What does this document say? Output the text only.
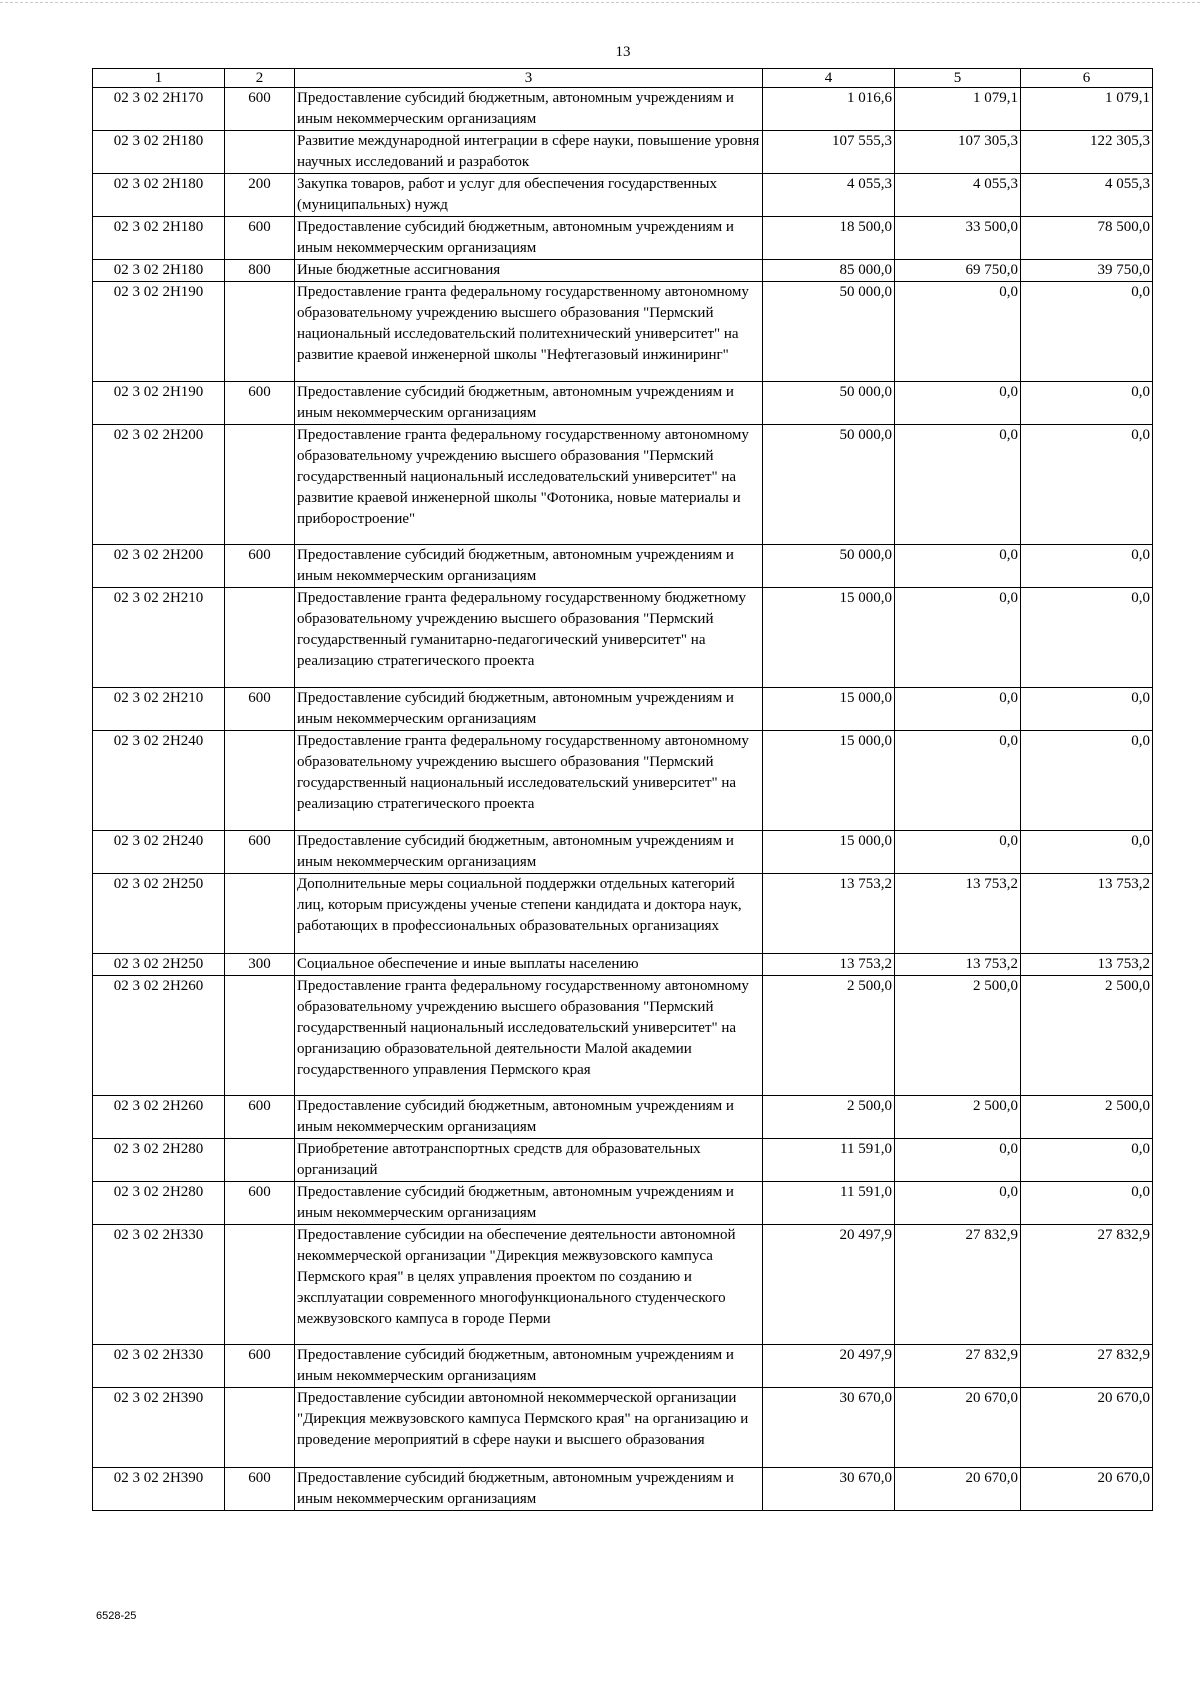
13
1	2	3	4	5	6
02 3 02 2Н170	600	Предоставление субсидий бюджетным, автономным учреждениям и иным некоммерческим организациям	1 016,6	1 079,1	1 079,1
02 3 02 2Н180		Развитие международной интеграции в сфере науки, повышение уровня научных исследований и разработок	107 555,3	107 305,3	122 305,3
02 3 02 2Н180	200	Закупка товаров, работ и услуг для обеспечения государственных (муниципальных) нужд	4 055,3	4 055,3	4 055,3
02 3 02 2Н180	600	Предоставление субсидий бюджетным, автономным учреждениям и иным некоммерческим организациям	18 500,0	33 500,0	78 500,0
02 3 02 2Н180	800	Иные бюджетные ассигнования	85 000,0	69 750,0	39 750,0
02 3 02 2Н190		Предоставление гранта федеральному государственному автономному образовательному учреждению высшего образования "Пермский национальный исследовательский политехнический университет" на развитие краевой инженерной школы "Нефтегазовый инжиниринг"	50 000,0	0,0	0,0
02 3 02 2Н190	600	Предоставление субсидий бюджетным, автономным учреждениям и иным некоммерческим организациям	50 000,0	0,0	0,0
02 3 02 2Н200		Предоставление гранта федеральному государственному автономному образовательному учреждению высшего образования "Пермский государственный национальный исследовательский университет" на развитие краевой инженерной школы "Фотоника, новые материалы и приборостроение"	50 000,0	0,0	0,0
02 3 02 2Н200	600	Предоставление субсидий бюджетным, автономным учреждениям и иным некоммерческим организациям	50 000,0	0,0	0,0
02 3 02 2Н210		Предоставление гранта федеральному государственному бюджетному образовательному учреждению высшего образования "Пермский государственный гуманитарно-педагогический университет" на реализацию стратегического проекта	15 000,0	0,0	0,0
02 3 02 2Н210	600	Предоставление субсидий бюджетным, автономным учреждениям и иным некоммерческим организациям	15 000,0	0,0	0,0
02 3 02 2Н240		Предоставление гранта федеральному государственному автономному образовательному учреждению высшего образования "Пермский государственный национальный исследовательский университет" на реализацию стратегического проекта	15 000,0	0,0	0,0
02 3 02 2Н240	600	Предоставление субсидий бюджетным, автономным учреждениям и иным некоммерческим организациям	15 000,0	0,0	0,0
02 3 02 2Н250		Дополнительные меры социальной поддержки отдельных категорий лиц, которым присуждены ученые степени кандидата и доктора наук, работающих в профессиональных образовательных организациях	13 753,2	13 753,2	13 753,2
02 3 02 2Н250	300	Социальное обеспечение и иные выплаты населению	13 753,2	13 753,2	13 753,2
02 3 02 2Н260		Предоставление гранта федеральному государственному автономному образовательному учреждению высшего образования "Пермский государственный национальный исследовательский университет" на организацию образовательной деятельности Малой академии государственного управления Пермского края	2 500,0	2 500,0	2 500,0
02 3 02 2Н260	600	Предоставление субсидий бюджетным, автономным учреждениям и иным некоммерческим организациям	2 500,0	2 500,0	2 500,0
02 3 02 2Н280		Приобретение автотранспортных средств для образовательных организаций	11 591,0	0,0	0,0
02 3 02 2Н280	600	Предоставление субсидий бюджетным, автономным учреждениям и иным некоммерческим организациям	11 591,0	0,0	0,0
02 3 02 2Н330		Предоставление субсидии на обеспечение деятельности автономной некоммерческой организации "Дирекция межвузовского кампуса Пермского края" в целях управления проектом по созданию и эксплуатации современного многофункционального студенческого межвузовского кампуса в городе Перми	20 497,9	27 832,9	27 832,9
02 3 02 2Н330	600	Предоставление субсидий бюджетным, автономным учреждениям и иным некоммерческим организациям	20 497,9	27 832,9	27 832,9
02 3 02 2Н390		Предоставление субсидии автономной некоммерческой организации "Дирекция межвузовского кампуса Пермского края" на организацию и проведение мероприятий в сфере науки и высшего образования	30 670,0	20 670,0	20 670,0
02 3 02 2Н390	600	Предоставление субсидий бюджетным, автономным учреждениям и иным некоммерческим организациям	30 670,0	20 670,0	20 670,0
6528-25
